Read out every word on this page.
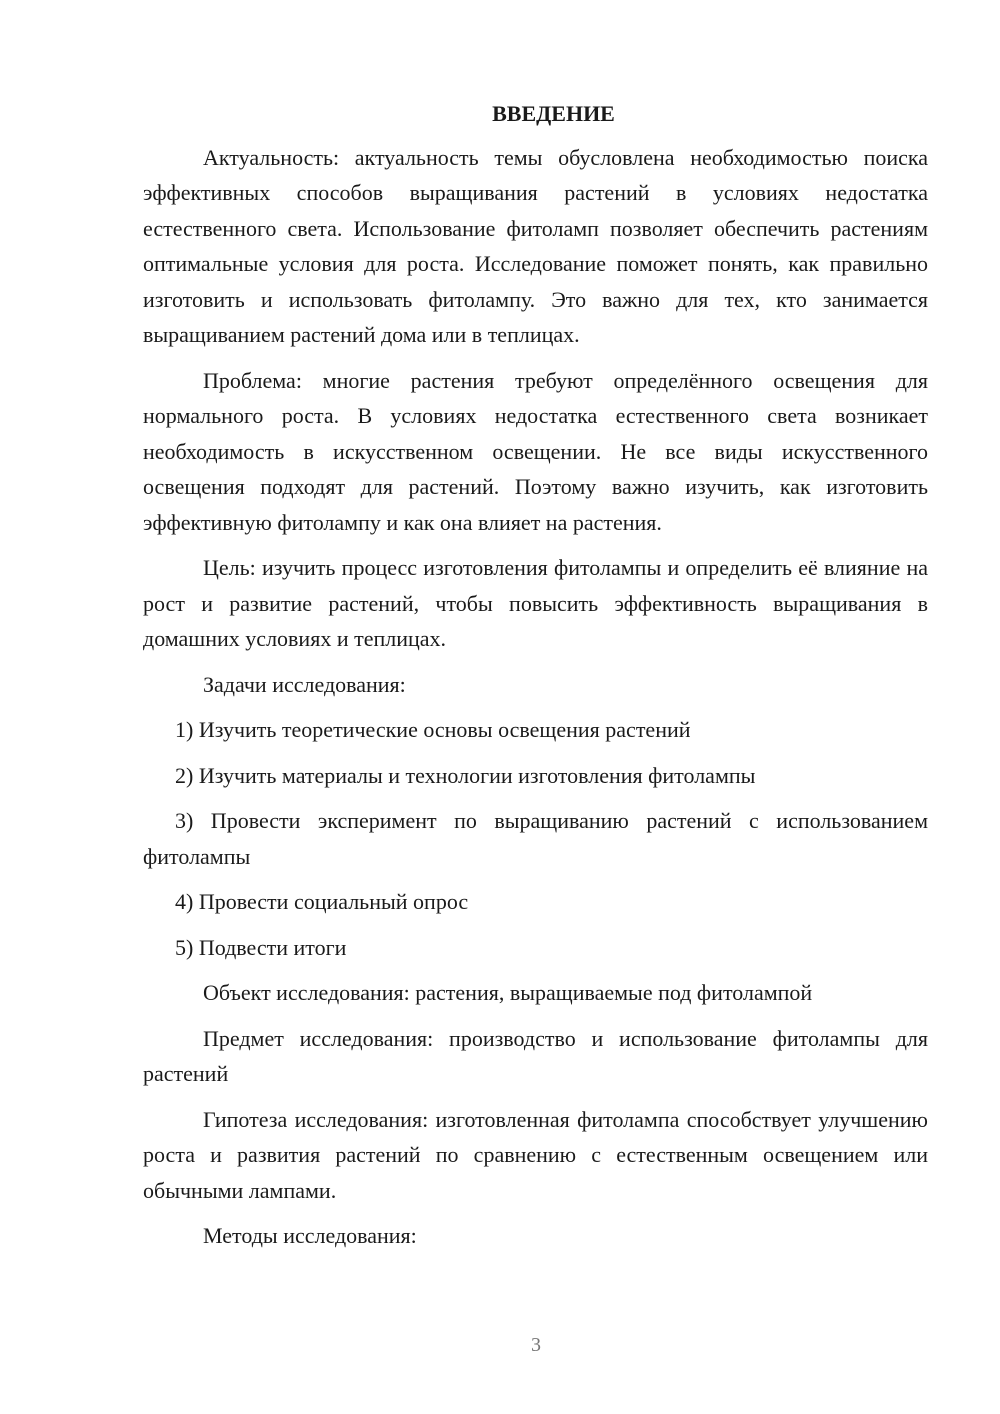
ВВЕДЕНИЕ

Актуальность: актуальность темы обусловлена необходимостью поиска эффективных способов выращивания растений в условиях недостатка естественного света. Использование фитоламп позволяет обеспечить растениям оптимальные условия для роста. Исследование поможет понять, как правильно изготовить и использовать фитолампу. Это важно для тех, кто занимается выращиванием растений дома или в теплицах.

Проблема: многие растения требуют определённого освещения для нормального роста. В условиях недостатка естественного света возникает необходимость в искусственном освещении. Не все виды искусственного освещения подходят для растений. Поэтому важно изучить, как изготовить эффективную фитолампу и как она влияет на растения.

Цель: изучить процесс изготовления фитолампы и определить её влияние на рост и развитие растений, чтобы повысить эффективность выращивания в домашних условиях и теплицах.

Задачи исследования:

1) Изучить теоретические основы освещения растений

2) Изучить материалы и технологии изготовления фитолампы

3) Провести эксперимент по выращиванию растений с использованием фитолампы

4) Провести социальный опрос

5) Подвести итоги

Объект исследования: растения, выращиваемые под фитолампой

Предмет исследования: производство и использование фитолампы для растений

Гипотеза исследования: изготовленная фитолампа способствует улучшению роста и развития растений по сравнению с естественным освещением или обычными лампами.

Методы исследования:

3
